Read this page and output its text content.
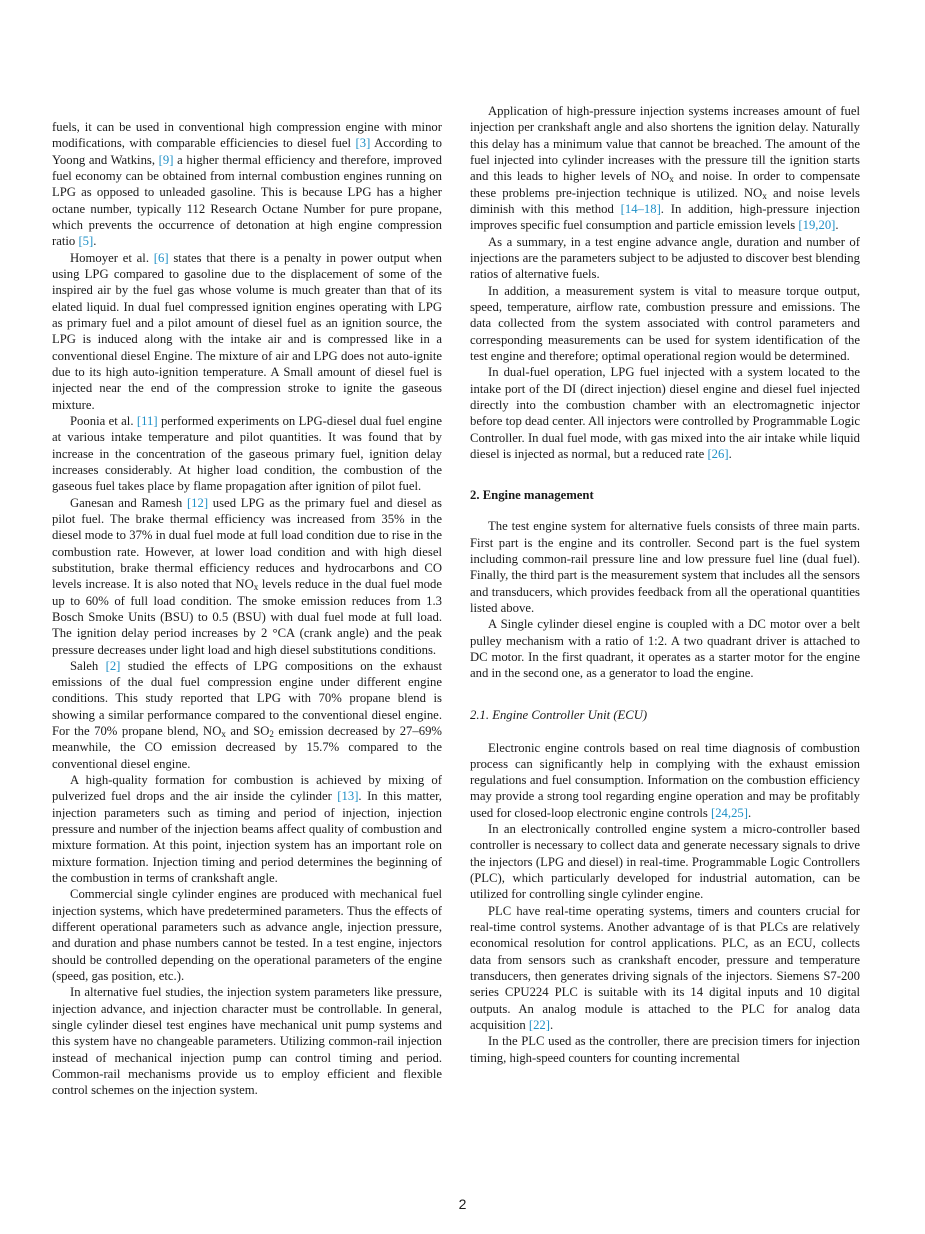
fuels, it can be used in conventional high compression engine with minor modifications, with comparable efficiencies to diesel fuel [3] According to Yoong and Watkins, [9] a higher thermal efficiency and therefore, improved fuel economy can be obtained from internal combustion engines running on LPG as opposed to unleaded gasoline. This is because LPG has a higher octane number, typically 112 Research Octane Number for pure propane, which prevents the occurrence of detonation at high engine compression ratio [5].

Homoyer et al. [6] states that there is a penalty in power output when using LPG compared to gasoline due to the displacement of some of the inspired air by the fuel gas whose volume is much greater than that of its elated liquid. In dual fuel compressed ignition engines operating with LPG as primary fuel and a pilot amount of diesel fuel as an ignition source, the LPG is induced along with the intake air and is compressed like in a conventional diesel Engine. The mixture of air and LPG does not auto-ignite due to its high auto-ignition temperature. A Small amount of diesel fuel is injected near the end of the compression stroke to ignite the gaseous mixture.

Poonia et al. [11] performed experiments on LPG-diesel dual fuel engine at various intake temperature and pilot quantities. It was found that by increase in the concentration of the gaseous primary fuel, ignition delay increases considerably. At higher load condition, the combustion of the gaseous fuel takes place by flame propagation after ignition of pilot fuel.

Ganesan and Ramesh [12] used LPG as the primary fuel and diesel as pilot fuel. The brake thermal efficiency was increased from 35% in the diesel mode to 37% in dual fuel mode at full load condition due to rise in the combustion rate. However, at lower load condition and with high diesel substitution, brake thermal efficiency reduces and hydrocarbons and CO levels increase. It is also noted that $NO_x$ levels reduce in the dual fuel mode up to 60% of full load condition. The smoke emission reduces from 1.3 Bosch Smoke Units (BSU) to 0.5 (BSU) with dual fuel mode at full load. The ignition delay period increases by 2 °CA (crank angle) and the peak pressure decreases under light load and high diesel substitutions conditions.

Saleh [2] studied the effects of LPG compositions on the exhaust emissions of the dual fuel compression engine under different engine conditions. This study reported that LPG with 70% propane blend is showing a similar performance compared to the conventional diesel engine. For the 70% propane blend, $NO_x$ and $SO_2$ emission decreased by 27–69% meanwhile, the CO emission decreased by 15.7% compared to the conventional diesel engine.

A high-quality formation for combustion is achieved by mixing of pulverized fuel drops and the air inside the cylinder [13]. In this matter, injection parameters such as timing and period of injection, injection pressure and number of the injection beams affect quality of combustion and mixture formation. At this point, injection system has an important role on mixture formation. Injection timing and period determines the beginning of the combustion in terms of crankshaft angle.

Commercial single cylinder engines are produced with mechanical fuel injection systems, which have predetermined parameters. Thus the effects of different operational parameters such as advance angle, injection pressure, and duration and phase numbers cannot be tested. In a test engine, injectors should be controlled depending on the operational parameters of the engine (speed, gas position, etc.).

In alternative fuel studies, the injection system parameters like pressure, injection advance, and injection character must be controllable. In general, single cylinder diesel test engines have mechanical unit pump systems and this system have no changeable parameters. Utilizing common-rail injection instead of mechanical injection pump can control timing and period. Common-rail mechanisms provide us to employ efficient and flexible control schemes on the injection system.

Application of high-pressure injection systems increases amount of fuel injection per crankshaft angle and also shortens the ignition delay. Naturally this delay has a minimum value that cannot be breached. The amount of the fuel injected into cylinder increases with the pressure till the ignition starts and this leads to higher levels of $NO_x$ and noise. In order to compensate these problems pre-injection technique is utilized. $NO_x$ and noise levels diminish with this method [14–18]. In addition, high-pressure injection improves specific fuel consumption and particle emission levels [19,20].

As a summary, in a test engine advance angle, duration and number of injections are the parameters subject to be adjusted to discover best blending ratios of alternative fuels.

In addition, a measurement system is vital to measure torque output, speed, temperature, airflow rate, combustion pressure and emissions. The data collected from the system associated with control parameters and corresponding measurements can be used for system identification of the test engine and therefore; optimal operational region would be determined.

In dual-fuel operation, LPG fuel injected with a system located to the intake port of the DI (direct injection) diesel engine and diesel fuel injected directly into the combustion chamber with an electromagnetic injector before top dead center. All injectors were controlled by Programmable Logic Controller. In dual fuel mode, with gas mixed into the air intake while liquid diesel is injected as normal, but a reduced rate [26].

2. Engine management

The test engine system for alternative fuels consists of three main parts. First part is the engine and its controller. Second part is the fuel system including common-rail pressure line and low pressure fuel line (dual fuel). Finally, the third part is the measurement system that includes all the sensors and transducers, which provides feedback from all the operational quantities listed above.

A Single cylinder diesel engine is coupled with a DC motor over a belt pulley mechanism with a ratio of 1:2. A two quadrant driver is attached to DC motor. In the first quadrant, it operates as a starter motor for the engine and in the second one, as a generator to load the engine.

2.1. Engine Controller Unit (ECU)

Electronic engine controls based on real time diagnosis of combustion process can significantly help in complying with the exhaust emission regulations and fuel consumption. Information on the combustion efficiency may provide a strong tool regarding engine operation and may be profitably used for closed-loop electronic engine controls [24,25].

In an electronically controlled engine system a micro-controller based controller is necessary to collect data and generate necessary signals to drive the injectors (LPG and diesel) in real-time. Programmable Logic Controllers (PLC), which particularly developed for industrial automation, can be utilized for controlling single cylinder engine.

PLC have real-time operating systems, timers and counters crucial for real-time control systems. Another advantage of is that PLCs are relatively economical resolution for control applications. PLC, as an ECU, collects data from sensors such as crankshaft encoder, pressure and temperature transducers, then generates driving signals of the injectors. Siemens S7-200 series CPU224 PLC is suitable with its 14 digital inputs and 10 digital outputs. An analog module is attached to the PLC for analog data acquisition [22].

In the PLC used as the controller, there are precision timers for injection timing, high-speed counters for counting incremental

2
